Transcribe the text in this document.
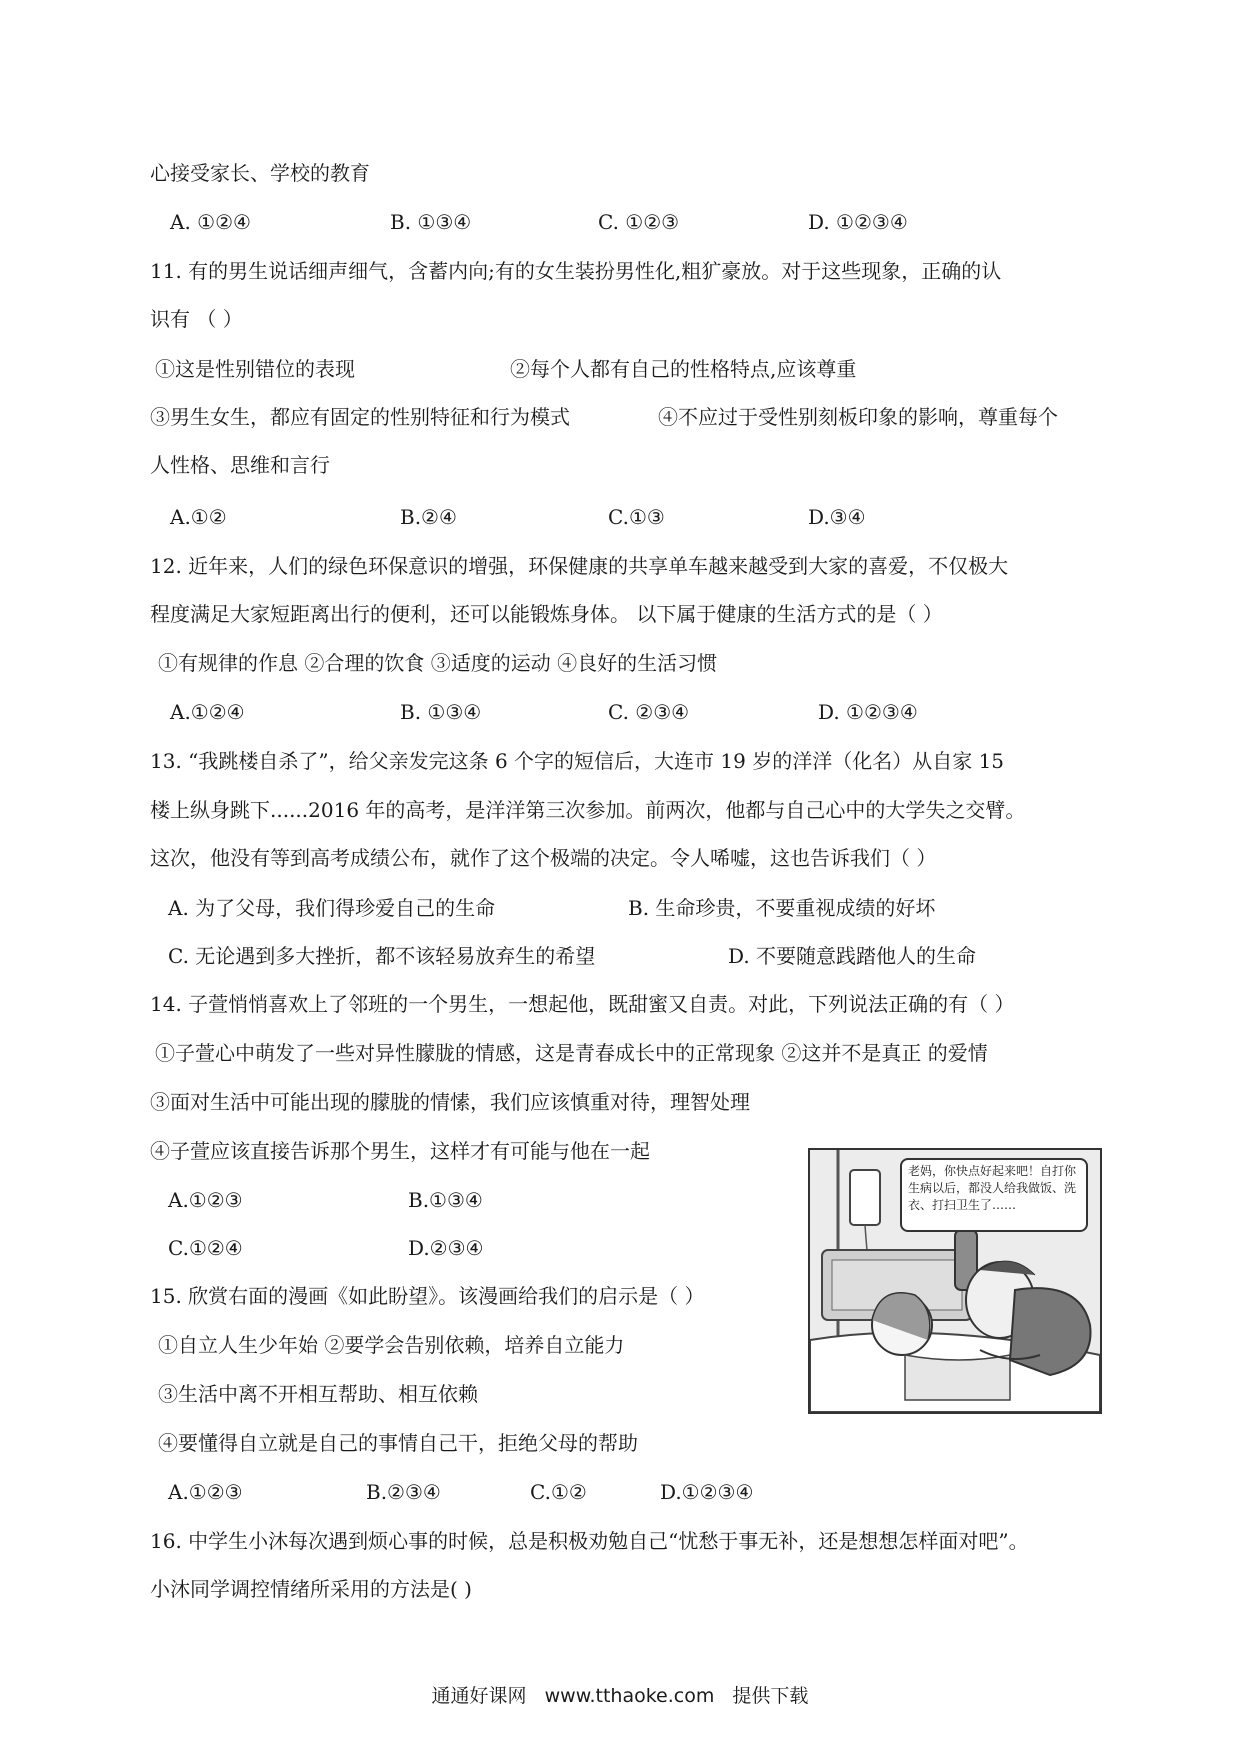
心接受家长、学校的教育
A. ①②④	B. ①③④	C. ①②③	D. ①②③④
11. 有的男生说话细声细气，含蓄内向;有的女生装扮男性化,粗犷豪放。对于这些现象，正确的认
识有 （ ）
①这是性别错位的表现	②每个人都有自己的性格特点,应该尊重
③男生女生，都应有固定的性别特征和行为模式	④不应过于受性别刻板印象的影响，尊重每个
人性格、思维和言行
A.①②	B.②④	C.①③	D.③④
12. 近年来，人们的绿色环保意识的增强，环保健康的共享单车越来越受到大家的喜爱，不仅极大
程度满足大家短距离出行的便利，还可以能锻炼身体。 以下属于健康的生活方式的是（ ）
①有规律的作息 ②合理的饮食 ③适度的运动 ④良好的生活习惯
A.①②④	B. ①③④	C. ②③④	D. ①②③④
13. “我跳楼自杀了”，给父亲发完这条 6 个字的短信后，大连市 19 岁的洋洋（化名）从自家 15
楼上纵身跳下......2016 年的高考，是洋洋第三次参加。前两次，他都与自己心中的大学失之交臂。
这次，他没有等到高考成绩公布，就作了这个极端的决定。令人唏嘘，这也告诉我们（ ）
A. 为了父母，我们得珍爱自己的生命	B. 生命珍贵，不要重视成绩的好坏
C. 无论遇到多大挫折，都不该轻易放弃生的希望	D. 不要随意践踏他人的生命
14. 子萱悄悄喜欢上了邻班的一个男生，一想起他，既甜蜜又自责。对此，下列说法正确的有（ ）
①子萱心中萌发了一些对异性朦胧的情感，这是青春成长中的正常现象 ②这并不是真正 的爱情
③面对生活中可能出现的朦胧的情愫，我们应该慎重对待，理智处理
④子萱应该直接告诉那个男生，这样才有可能与他在一起
A.①②③	B.①③④
C.①②④	D.②③④
15. 欣赏右面的漫画《如此盼望》。该漫画给我们的启示是（ ）
①自立人生少年始 ②要学会告别依赖，培养自立能力
③生活中离不开相互帮助、相互依赖
④要懂得自立就是自己的事情自己干，拒绝父母的帮助
A.①②③	B.②③④	C.①②	D.①②③④
16. 中学生小沐每次遇到烦心事的时候，总是积极劝勉自己“忧愁于事无补，还是想想怎样面对吧”。
小沐同学调控情绪所采用的方法是( )
老妈，你快点好起来吧！自打你生病以后，都没人给我做饭、洗衣、打扫卫生了……
通通好课网 www.tthaoke.com 提供下载
